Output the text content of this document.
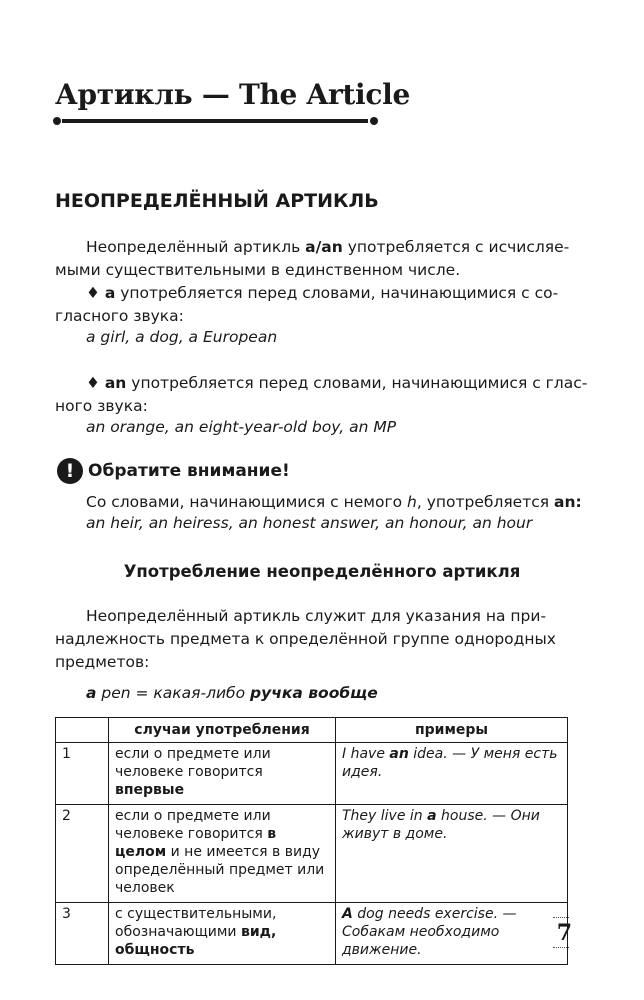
Артикль — The Article
НЕОПРЕДЕЛЁННЫЙ АРТИКЛЬ
Неопределённый артикль a/an употребляется с исчисляе-
мыми существительными в единственном числе.
♦ a употребляется перед словами, начинающимися с со-
гласного звука:
a girl, a dog, a European
♦ an употребляется перед словами, начинающимися с глас-
ного звука:
an orange, an eight-year-old boy, an MP
! Обратите внимание!
Со словами, начинающимися с немого h, употребляется an:
an heir, an heiress, an honest answer, an honour, an hour
Употребление неопределённого артикля
Неопределённый артикль служит для указания на при-
надлежность предмета к определённой группе однородных
предметов:
a pen = какая-либо ручка вообще
	случаи употребления	примеры
1	если о предмете или человеке говорится впервые	I have an idea. — У меня есть идея.
2	если о предмете или человеке говорится в целом и не имеется в виду определённый предмет или человек	They live in a house. — Они живут в доме.
3	с существительными, обозначающими вид, общность	A dog needs exercise. — Собакам необходимо движение.
7
